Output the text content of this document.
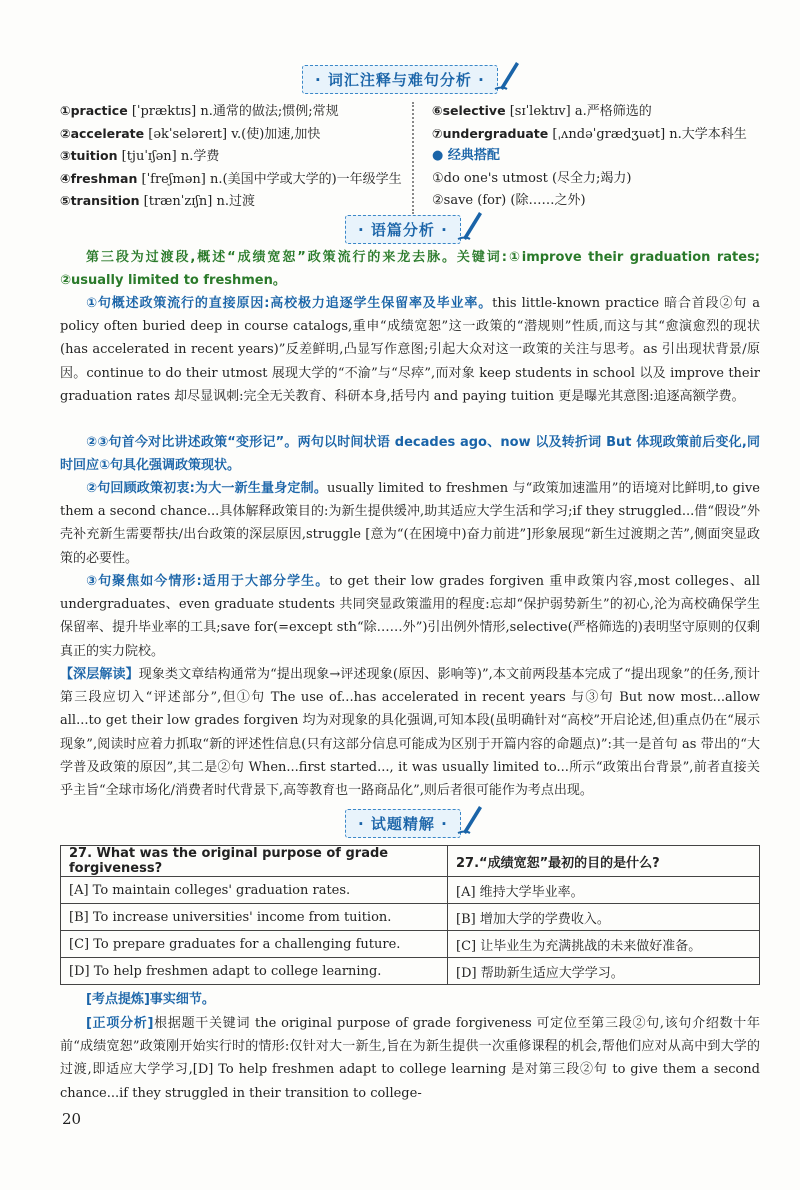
· 词汇注释与难句分析 ·
①practice [ˈpræktɪs] n.通常的做法;惯例;常规
②accelerate [əkˈseləreɪt] v.(使)加速,加快
③tuition [tjuˈɪʃən] n.学费
④freshman [ˈfreʃmən] n.(美国中学或大学的)一年级学生
⑤transition [trænˈzɪʃn] n.过渡
⑥selective [sɪˈlektɪv] a.严格筛选的
⑦undergraduate [ˌʌndəˈgrædʒuət] n.大学本科生
● 经典搭配
①do one's utmost (尽全力;竭力)
②save (for) (除……之外)
· 语篇分析 ·
第三段为过渡段,概述“成绩宽恕”政策流行的来龙去脉。关键词:①improve their graduation rates; ②usually limited to freshmen。
①句概述政策流行的直接原因:高校极力追逐学生保留率及毕业率。this little-known practice 暗合首段②句 a policy often buried deep in course catalogs,重申“成绩宽恕”这一政策的“潜规则”性质,而这与其“愈演愈烈的现状(has accelerated in recent years)”反差鲜明,凸显写作意图;引起大众对这一政策的关注与思考。as 引出现状背景/原因。continue to do their utmost 展现大学的“不渝”与“尽瘁”,而对象 keep students in school 以及 improve their graduation rates 却尽显讽刺:完全无关教育、科研本身,括号内 and paying tuition 更是曝光其意图:追逐高额学费。
②③句首今对比讲述政策“变形记”。两句以时间状语 decades ago、now 以及转折词 But 体现政策前后变化,同时回应①句具化强调政策现状。
②句回顾政策初衷:为大一新生量身定制。usually limited to freshmen 与“政策加速滥用”的语境对比鲜明,to give them a second chance...具体解释政策目的:为新生提供缓冲,助其适应大学生活和学习;if they struggled...借“假设”外壳补充新生需要帮扶/出台政策的深层原因,struggle [意为“(在困境中)奋力前进”]形象展现“新生过渡期之苦”,侧面突显政策的必要性。
③句聚焦如今情形:适用于大部分学生。to get their low grades forgiven 重申政策内容,most colleges、all undergraduates、even graduate students 共同突显政策滥用的程度:忘却“保护弱势新生”的初心,沦为高校确保学生保留率、提升毕业率的工具;save for(=except sth“除……外”)引出例外情形,selective(严格筛选的)表明坚守原则的仅剩真正的实力院校。
【深层解读】现象类文章结构通常为“提出现象→评述现象(原因、影响等)”,本文前两段基本完成了“提出现象”的任务,预计第三段应切入“评述部分”,但①句 The use of...has accelerated in recent years 与③句 But now most...allow all...to get their low grades forgiven 均为对现象的具化强调,可知本段(虽明确针对“高校”开启论述,但)重点仍在“展示现象”,阅读时应着力抓取“新的评述性信息(只有这部分信息可能成为区别于开篇内容的命题点)”:其一是首句 as 带出的“大学普及政策的原因”,其二是②句 When...first started..., it was usually limited to...所示“政策出台背景”,前者直接关乎主旨“全球市场化/消费者时代背景下,高等教育也一路商品化”,则后者很可能作为考点出现。
· 试题精解 ·
27. What was the original purpose of grade forgiveness?	27.“成绩宽恕”最初的目的是什么?
[A] To maintain colleges' graduation rates.	[A] 维持大学毕业率。
[B] To increase universities' income from tuition.	[B] 增加大学的学费收入。
[C] To prepare graduates for a challenging future.	[C] 让毕业生为充满挑战的未来做好准备。
[D] To help freshmen adapt to college learning.	[D] 帮助新生适应大学学习。
[考点提炼]事实细节。
[正项分析]根据题干关键词 the original purpose of grade forgiveness 可定位至第三段②句,该句介绍数十年前“成绩宽恕”政策刚开始实行时的情形:仅针对大一新生,旨在为新生提供一次重修课程的机会,帮他们应对从高中到大学的过渡,即适应大学学习,[D] To help freshmen adapt to college learning 是对第三段②句 to give them a second chance...if they struggled in their transition to college-
20
